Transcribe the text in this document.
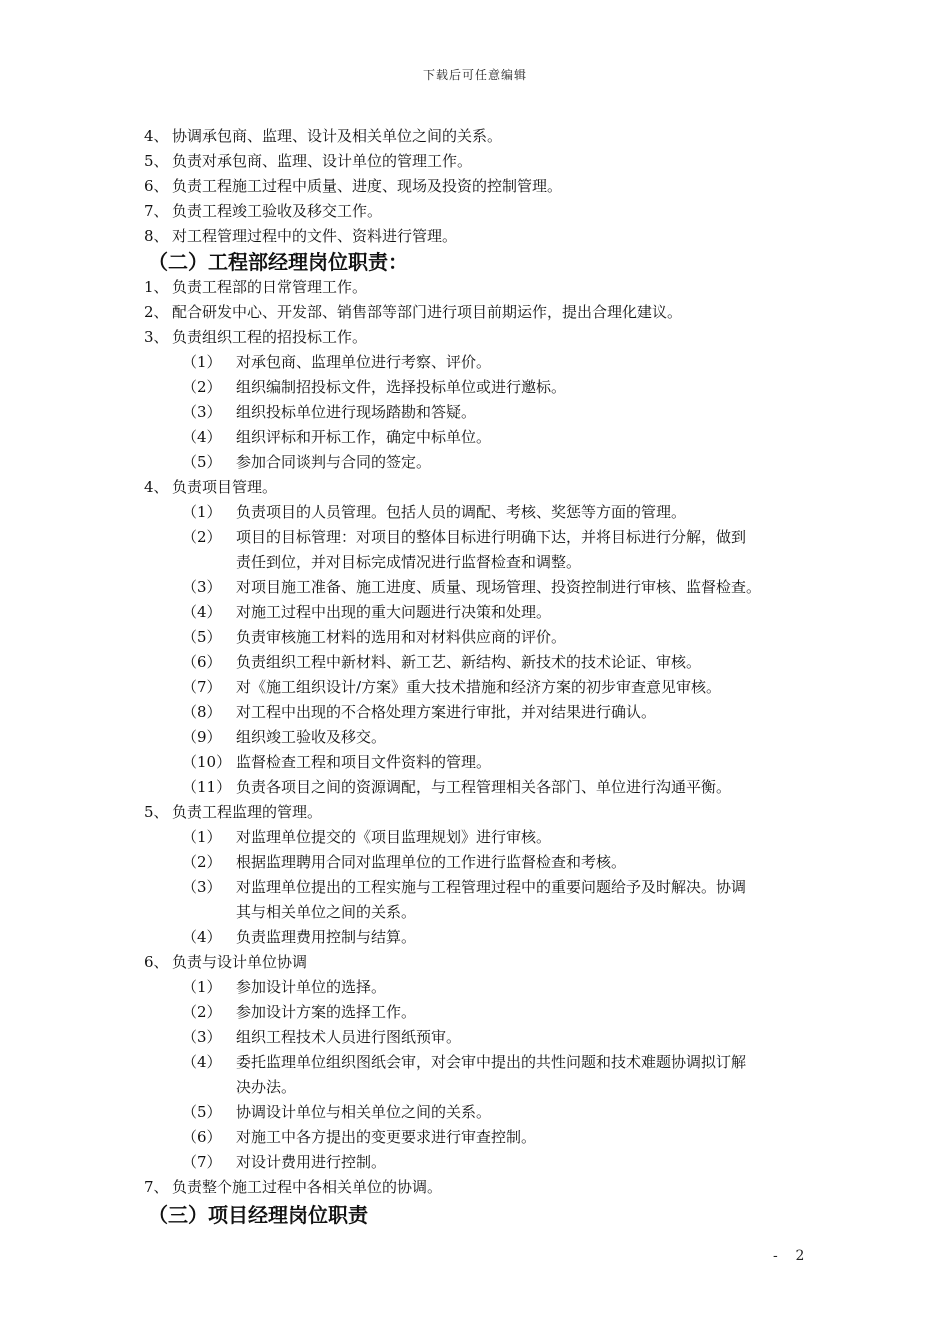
下载后可任意编辑
4、 协调承包商、监理、设计及相关单位之间的关系。
5、 负责对承包商、监理、设计单位的管理工作。
6、 负责工程施工过程中质量、进度、现场及投资的控制管理。
7、 负责工程竣工验收及移交工作。
8、 对工程管理过程中的文件、资料进行管理。
（二）工程部经理岗位职责：
1、 负责工程部的日常管理工作。
2、 配合研发中心、开发部、销售部等部门进行项目前期运作，提出合理化建议。
3、 负责组织工程的招投标工作。
（1） 对承包商、监理单位进行考察、评价。
（2） 组织编制招投标文件，选择投标单位或进行邀标。
（3） 组织投标单位进行现场踏勘和答疑。
（4） 组织评标和开标工作，确定中标单位。
（5） 参加合同谈判与合同的签定。
4、 负责项目管理。
（1） 负责项目的人员管理。包括人员的调配、考核、奖惩等方面的管理。
（2） 项目的目标管理：对项目的整体目标进行明确下达，并将目标进行分解，做到
责任到位，并对目标完成情况进行监督检查和调整。
（3） 对项目施工准备、施工进度、质量、现场管理、投资控制进行审核、监督检查。
（4） 对施工过程中出现的重大问题进行决策和处理。
（5） 负责审核施工材料的选用和对材料供应商的评价。
（6） 负责组织工程中新材料、新工艺、新结构、新技术的技术论证、审核。
（7） 对《施工组织设计/方案》重大技术措施和经济方案的初步审查意见审核。
（8） 对工程中出现的不合格处理方案进行审批，并对结果进行确认。
（9） 组织竣工验收及移交。
（10） 监督检查工程和项目文件资料的管理。
（11） 负责各项目之间的资源调配，与工程管理相关各部门、单位进行沟通平衡。
5、 负责工程监理的管理。
（1） 对监理单位提交的《项目监理规划》进行审核。
（2） 根据监理聘用合同对监理单位的工作进行监督检查和考核。
（3） 对监理单位提出的工程实施与工程管理过程中的重要问题给予及时解决。协调
其与相关单位之间的关系。
（4） 负责监理费用控制与结算。
6、 负责与设计单位协调
（1） 参加设计单位的选择。
（2） 参加设计方案的选择工作。
（3） 组织工程技术人员进行图纸预审。
（4） 委托监理单位组织图纸会审，对会审中提出的共性问题和技术难题协调拟订解
决办法。
（5） 协调设计单位与相关单位之间的关系。
（6） 对施工中各方提出的变更要求进行审查控制。
（7） 对设计费用进行控制。
7、 负责整个施工过程中各相关单位的协调。
（三）项目经理岗位职责
-    2
